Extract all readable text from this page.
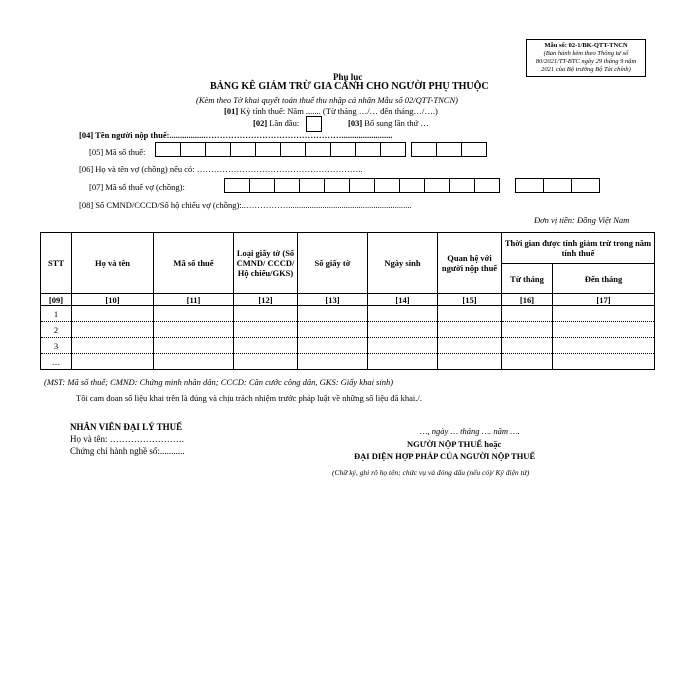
Mẫu số: 02-1/BK-QTT-TNCN
(Ban hành kèm theo Thông tư số 80/2021/TT-BTC ngày 29 tháng 9 năm 2021 của Bộ trưởng Bộ Tài chính)
Phụ lục
BẢNG KÊ GIẢM TRỪ GIA CẢNH CHO NGƯỜI PHỤ THUỘC
(Kèm theo Tờ khai quyết toán thuế thu nhập cá nhân Mẫu số 02/QTT-TNCN)
[01] Kỳ tính thuế: Năm ....... (Từ tháng …/… đến tháng…/….)
[02] Lần đầu:	[03] Bổ sung lần thứ …
[04] Tên người nộp thuế:.................…………………………………………........................
[05] Mã số thuế:
[06] Họ và tên vợ (chồng) nếu có: …………………………………………………..
[07] Mã số thuế vợ (chồng):
[08] Số CMND/CCCD/Số hộ chiếu vợ (chồng):..……………..........................................................
Đơn vị tiền: Đồng Việt Nam
STT	Họ và tên	Mã số thuế	Loại giấy tờ (Số CMND/ CCCD/ Hộ chiếu/GKS)	Số giấy tờ	Ngày sinh	Quan hệ với người nộp thuế	Thời gian được tính giảm trừ trong năm tính thuế	
							Từ tháng	Đến tháng
[09]	[10]	[11]	[12]	[13]	[14]	[15]	[16]	[17]
1								
2								
3								
…								
(MST: Mã số thuế; CMND: Chứng minh nhân dân; CCCD: Căn cước công dân, GKS: Giấy khai sinh)
Tôi cam đoan số liệu khai trên là đúng và chịu trách nhiệm trước pháp luật về những số liệu đã khai./.
NHÂN VIÊN ĐẠI LÝ THUẾ
Họ và tên: …………………….
Chứng chỉ hành nghề số:...........
…, ngày … tháng …. năm ….
NGƯỜI NỘP THUẾ hoặc
ĐẠI DIỆN HỢP PHÁP CỦA NGƯỜI NỘP THUẾ
(Chữ ký, ghi rõ họ tên; chức vụ và đóng dấu (nếu có)/ Ký điện tử)
